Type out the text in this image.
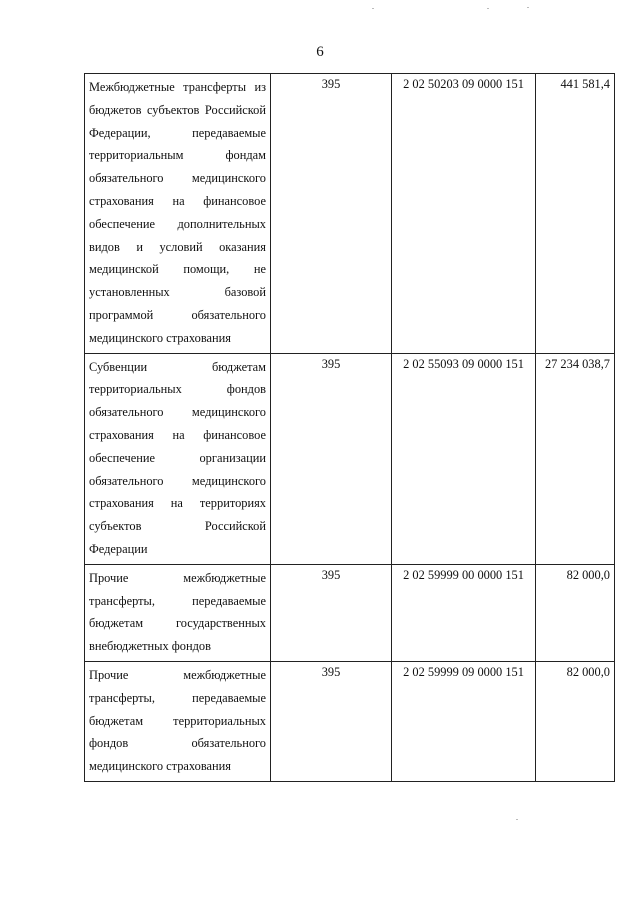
6
Межбюджетные трансферты из бюджетов субъектов Российской Федерации, передаваемые территориальным фондам обязательного медицинского страхования на финансовое обеспечение дополнительных видов и условий оказания медицинской помощи, не установленных базовой программой обязательного медицинского страхования	395	2 02 50203 09 0000 151	441 581,4
Субвенции бюджетам территориальных фондов обязательного медицинского страхования на финансовое обеспечение организации обязательного медицинского страхования на территориях субъектов Российской Федерации	395	2 02 55093 09 0000 151	27 234 038,7
Прочие межбюджетные трансферты, передаваемые бюджетам государственных внебюджетных фондов	395	2 02 59999 00 0000 151	82 000,0
Прочие межбюджетные трансферты, передаваемые бюджетам территориальных фондов обязательного медицинского страхования	395	2 02 59999 09 0000 151	82 000,0
